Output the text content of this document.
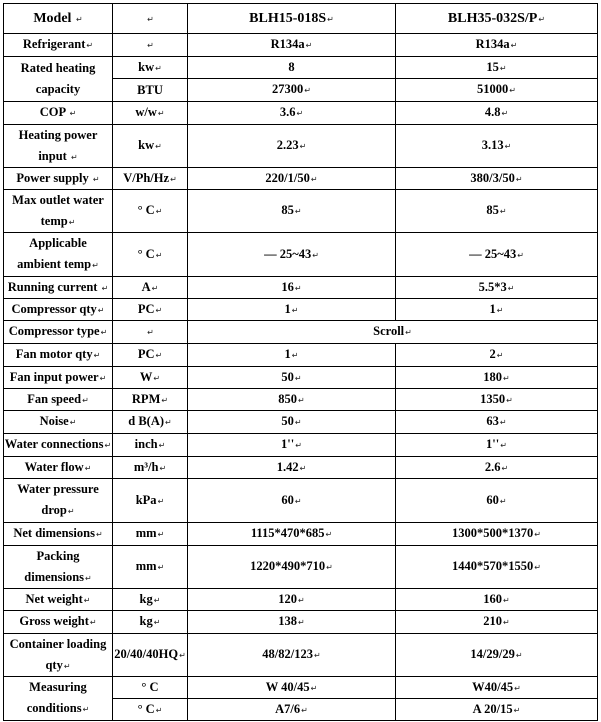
Model ↵	↵	BLH15-018S↵	BLH35-032S/P↵
Refrigerant↵	↵	R134a↵	R134a↵
Rated heating
capacity
kw↵	8	15↵
BTU	27300↵	51000↵
COP ↵	w/w↵	3.6↵	4.8↵
Heating power
input ↵
kw↵	2.23↵	3.13↵
Power supply ↵ V/Ph/Hz↵	220/1/50↵	380/3/50↵
Max outlet water
temp↵
° C↵	85↵	85↵
Applicable
ambient temp↵
° C↵	— 25~43↵	— 25~43↵
Running current ↵	A↵	16↵	5.5*3↵
Compressor qty↵	PC↵	1↵	1↵
Compressor type↵	↵	Scroll↵
Fan motor qty↵	PC↵	1↵	2↵
Fan input power↵	W↵	50↵	180↵
Fan speed↵	RPM↵	850↵	1350↵
Noise↵	d B(A)↵	50↵	63↵
Water connections↵ inch↵	1''↵	1''↵
Water flow↵	m³/h↵	1.42↵	2.6↵
Water pressure
drop↵
kPa↵	60↵	60↵
Net dimensions↵	mm↵	1115*470*685↵	1300*500*1370↵
Packing
dimensions↵
mm↵	1220*490*710↵	1440*570*1550↵
Net weight↵	kg↵	120↵	160↵
Gross weight↵	kg↵	138↵	210↵
Container loading
qty↵
20/40/40HQ↵	48/82/123↵	14/29/29↵
Measuring
conditions↵
° C	W 40/45↵	W40/45↵
° C↵	A7/6↵	A 20/15↵
